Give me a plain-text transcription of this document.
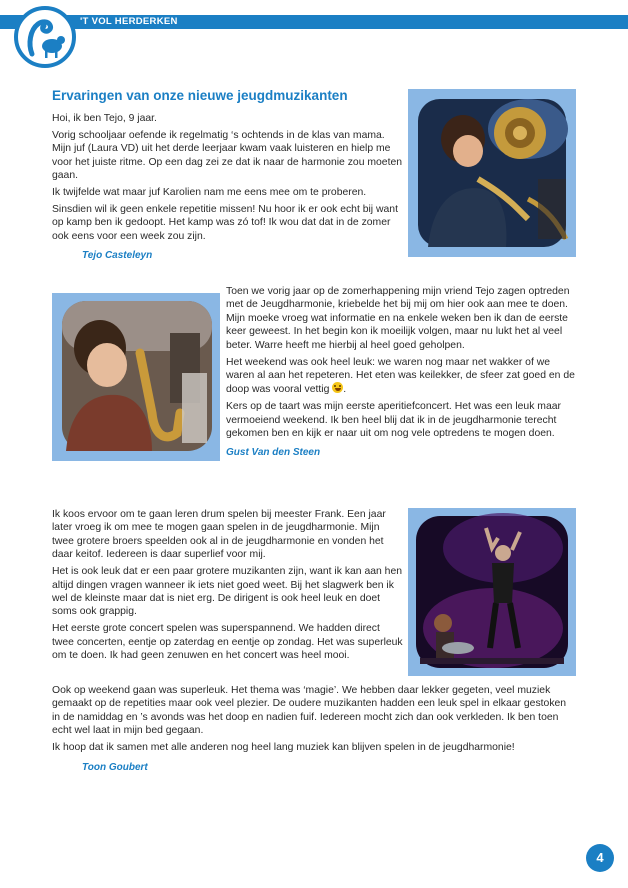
'T VOL HERDERKEN
Ervaringen van onze nieuwe jeugdmuzikanten

Hoi, ik ben Tejo, 9 jaar.

Vorig schooljaar oefende ik regelmatig ‘s ochtends in de klas van mama. Mijn juf (Laura VD) uit het derde leerjaar kwam vaak luisteren en hielp me voor het juiste ritme. Op een dag zei ze dat ik naar de harmonie zou moeten gaan.

Ik twijfelde wat maar juf Karolien nam me eens mee om te proberen.

Sinsdien wil ik geen enkele repetitie missen! Nu hoor ik er ook echt bij want op kamp ben ik gedoopt. Het kamp was zó tof! Ik wou dat dat in de zomer ook eens voor een week zou zijn.

Tejo Casteleyn

Toen we vorig jaar op de zomerhappening mijn vriend Tejo zagen optreden met de Jeugdharmonie, kriebelde het bij mij om hier ook aan mee te doen. Mijn moeke vroeg wat informatie en na enkele weken ben ik dan de eerste keer geweest. In het begin kon ik moeilijk volgen, maar nu lukt het al veel beter. Warre heeft me hierbij al heel goed geholpen.

Het weekend was ook heel leuk: we waren nog maar net wakker of we waren al aan het repeteren. Het eten was keilekker, de sfeer zat goed en de doop was vooral vettig .

Kers op de taart was mijn eerste aperitiefconcert. Het was een leuk maar vermoeiend weekend. Ik ben heel blij dat ik in de jeugdharmonie terecht gekomen ben en kijk er naar uit om nog vele optredens te mogen doen.

Gust Van den Steen

Ik koos ervoor om te gaan leren drum spelen bij meester Frank. Een jaar later vroeg ik om mee te mogen gaan spelen in de jeugdharmonie. Mijn twee grotere broers speelden ook al in de jeugdharmonie en vonden het daar keitof. Iedereen is daar superlief voor mij.

Het is ook leuk dat er een paar grotere muzikanten zijn, want ik kan aan hen altijd dingen vragen wanneer ik iets niet goed weet. Bij het slagwerk ben ik wel de kleinste maar dat is niet erg. De dirigent is ook heel leuk en doet soms ook grappig.

Het eerste grote concert spelen was superspannend. We hadden direct twee concerten, eentje op zaterdag en eentje op zondag. Het was superleuk om te doen. Ik had geen zenuwen en het concert was heel mooi.

Ook op weekend gaan was superleuk. Het thema was ‘magie’. We hebben daar lekker gegeten, veel muziek gemaakt op de repetities maar ook veel plezier. De oudere muzikanten hadden een leuk spel in elkaar gestoken in de namiddag en ’s avonds was het doop en nadien fuif. Iedereen mocht zich dan ook verkleden. Ik ben toen echt wel laat in mijn bed gegaan.

Ik hoop dat ik samen met alle anderen nog heel lang muziek kan blijven spelen in de jeugdharmonie!

Toon Goubert

4
